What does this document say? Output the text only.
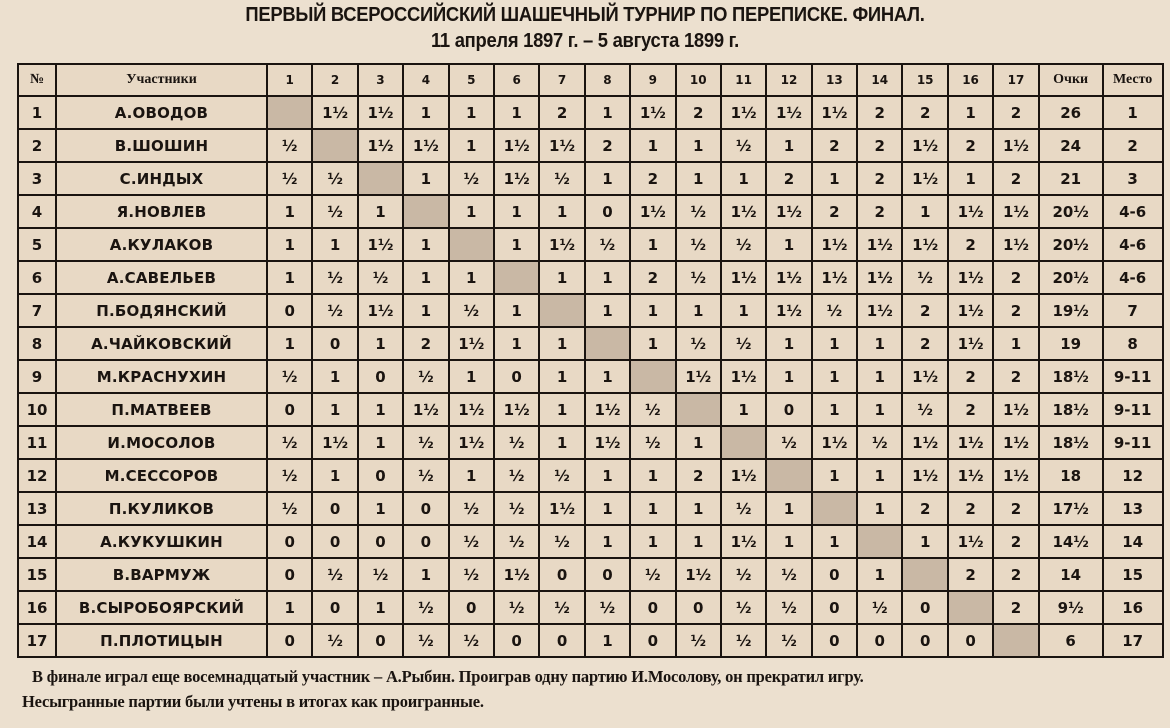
ПЕРВЫЙ ВСЕРОССИЙСКИЙ ШАШЕЧНЫЙ ТУРНИР ПО ПЕРЕПИСКЕ. ФИНАЛ.
11 апреля 1897 г. – 5 августа 1899 г.
№	Участники	1	2	3	4	5	6	7	8	9	10	11	12	13	14	15	16	17	Очки	Место
1	А.ОВОДОВ		1½	1½	1	1	1	2	1	1½	2	1½	1½	1½	2	2	1	2	26	1
2	В.ШОШИН	½		1½	1½	1	1½	1½	2	1	1	½	1	2	2	1½	2	1½	24	2
3	С.ИНДЫХ	½	½		1	½	1½	½	1	2	1	1	2	1	2	1½	1	2	21	3
4	Я.НОВЛЕВ	1	½	1		1	1	1	0	1½	½	1½	1½	2	2	1	1½	1½	20½	4-6
5	А.КУЛАКОВ	1	1	1½	1		1	1½	½	1	½	½	1	1½	1½	1½	2	1½	20½	4-6
6	А.САВЕЛЬЕВ	1	½	½	1	1		1	1	2	½	1½	1½	1½	1½	½	1½	2	20½	4-6
7	П.БОДЯНСКИЙ	0	½	1½	1	½	1		1	1	1	1	1½	½	1½	2	1½	2	19½	7
8	А.ЧАЙКОВСКИЙ	1	0	1	2	1½	1	1		1	½	½	1	1	1	2	1½	1	19	8
9	М.КРАСНУХИН	½	1	0	½	1	0	1	1		1½	1½	1	1	1	1½	2	2	18½	9-11
10	П.МАТВЕЕВ	0	1	1	1½	1½	1½	1	1½	½		1	0	1	1	½	2	1½	18½	9-11
11	И.МОСОЛОВ	½	1½	1	½	1½	½	1	1½	½	1		½	1½	½	1½	1½	1½	18½	9-11
12	М.СЕССОРОВ	½	1	0	½	1	½	½	1	1	2	1½		1	1	1½	1½	1½	18	12
13	П.КУЛИКОВ	½	0	1	0	½	½	1½	1	1	1	½	1		1	2	2	2	17½	13
14	А.КУКУШКИН	0	0	0	0	½	½	½	1	1	1	1½	1	1		1	1½	2	14½	14
15	В.ВАРМУЖ	0	½	½	1	½	1½	0	0	½	1½	½	½	0	1		2	2	14	15
16	В.СЫРОБОЯРСКИЙ	1	0	1	½	0	½	½	½	0	0	½	½	0	½	0		2	9½	16
17	П.ПЛОТИЦЫН	0	½	0	½	½	0	0	1	0	½	½	½	0	0	0	0		6	17
В финале играл еще восемнадцатый участник – А.Рыбин. Проиграв одну партию И.Мосолову, он прекратил игру.
Несыгранные партии были учтены в итогах как проигранные.
